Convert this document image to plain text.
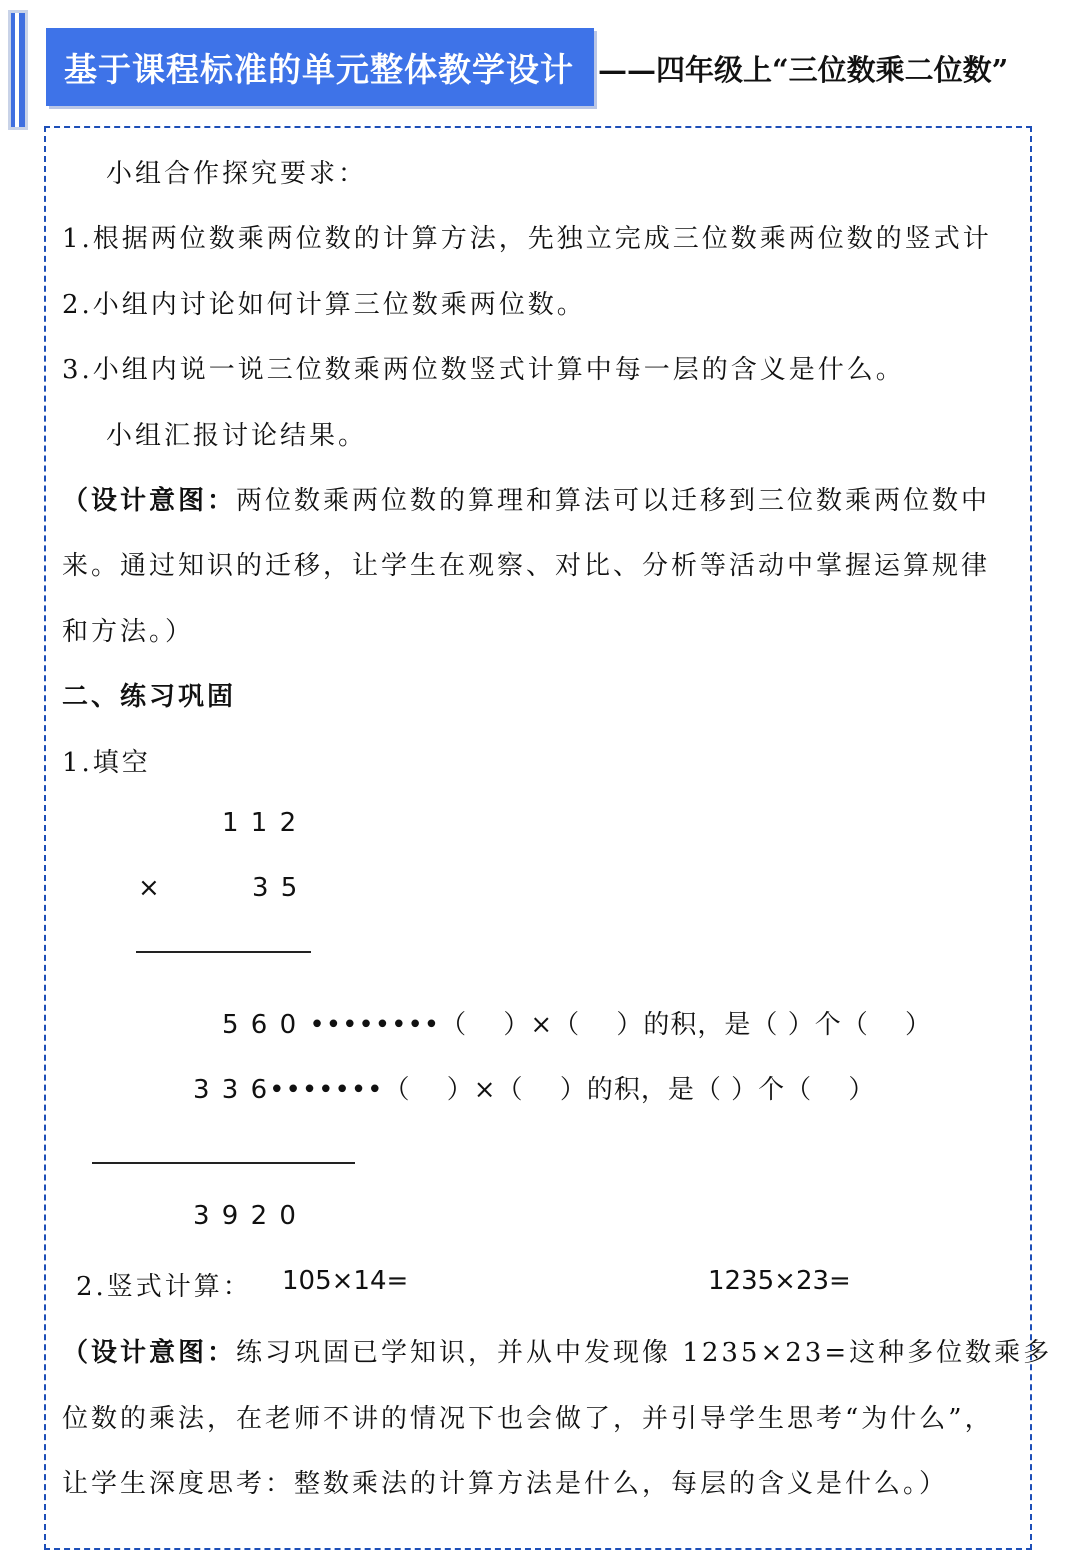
基于课程标准的单元整体教学设计 ——四年级上“三位数乘二位数”
小组合作探究要求：
1.根据两位数乘两位数的计算方法，先独立完成三位数乘两位数的竖式计
2.小组内讨论如何计算三位数乘两位数。
3.小组内说一说三位数乘两位数竖式计算中每一层的含义是什么。
小组汇报讨论结果。
（设计意图：两位数乘两位数的算理和算法可以迁移到三位数乘两位数中
来。通过知识的迁移，让学生在观察、对比、分析等活动中掌握运算规律
和方法。）
二、练习巩固
1.填空
1 1 2
×	3 5
5 6 0 ••••••••（　 ）×（　 ）的积，是（ ）个（　 ）
3 3 6•••••••（　 ）×（　 ）的积，是（ ）个（　 ）
3 9 2 0
2.竖式计算： 105×14=	1235×23=
（设计意图：练习巩固已学知识，并从中发现像 1235×23=这种多位数乘多
位数的乘法，在老师不讲的情况下也会做了，并引导学生思考“为什么”，
让学生深度思考：整数乘法的计算方法是什么，每层的含义是什么。）
